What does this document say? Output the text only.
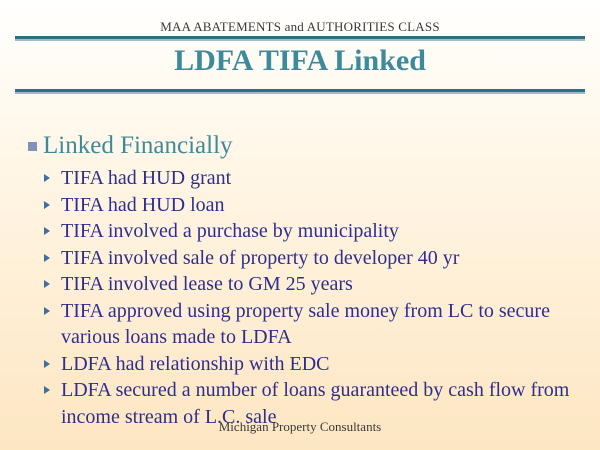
MAA ABATEMENTS and AUTHORITIES CLASS
LDFA TIFA Linked
Linked Financially
TIFA had HUD grant
TIFA had HUD loan
TIFA involved a purchase by municipality
TIFA involved sale of property to developer 40 yr
TIFA involved lease to GM 25 years
TIFA approved using property sale money from LC to secure various loans made to LDFA
LDFA had relationship with EDC
LDFA secured a number of loans guaranteed by cash flow from income stream of L.C. sale
Michigan Property Consultants
